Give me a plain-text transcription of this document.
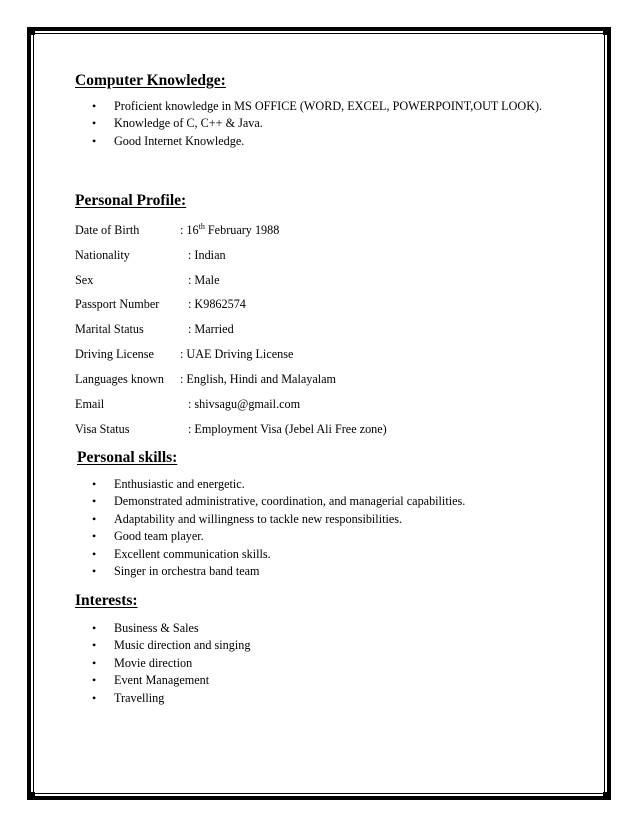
Computer Knowledge:
• Proficient knowledge in MS OFFICE (WORD, EXCEL, POWERPOINT,OUT LOOK).
• Knowledge of C, C++ & Java.
• Good Internet Knowledge.
Personal Profile:
Date of Birth	: 16th February 1988
Nationality	: Indian
Sex	: Male
Passport Number : K9862574
Marital Status	: Married
Driving License : UAE Driving License
Languages known : English, Hindi and Malayalam
Email	: shivsagu@gmail.com
Visa Status	: Employment Visa (Jebel Ali Free zone)
Personal skills:
• Enthusiastic and energetic.
• Demonstrated administrative, coordination, and managerial capabilities.
• Adaptability and willingness to tackle new responsibilities.
• Good team player.
• Excellent communication skills.
• Singer in orchestra band team
Interests:
• Business & Sales
• Music direction and singing
• Movie direction
• Event Management
• Travelling
